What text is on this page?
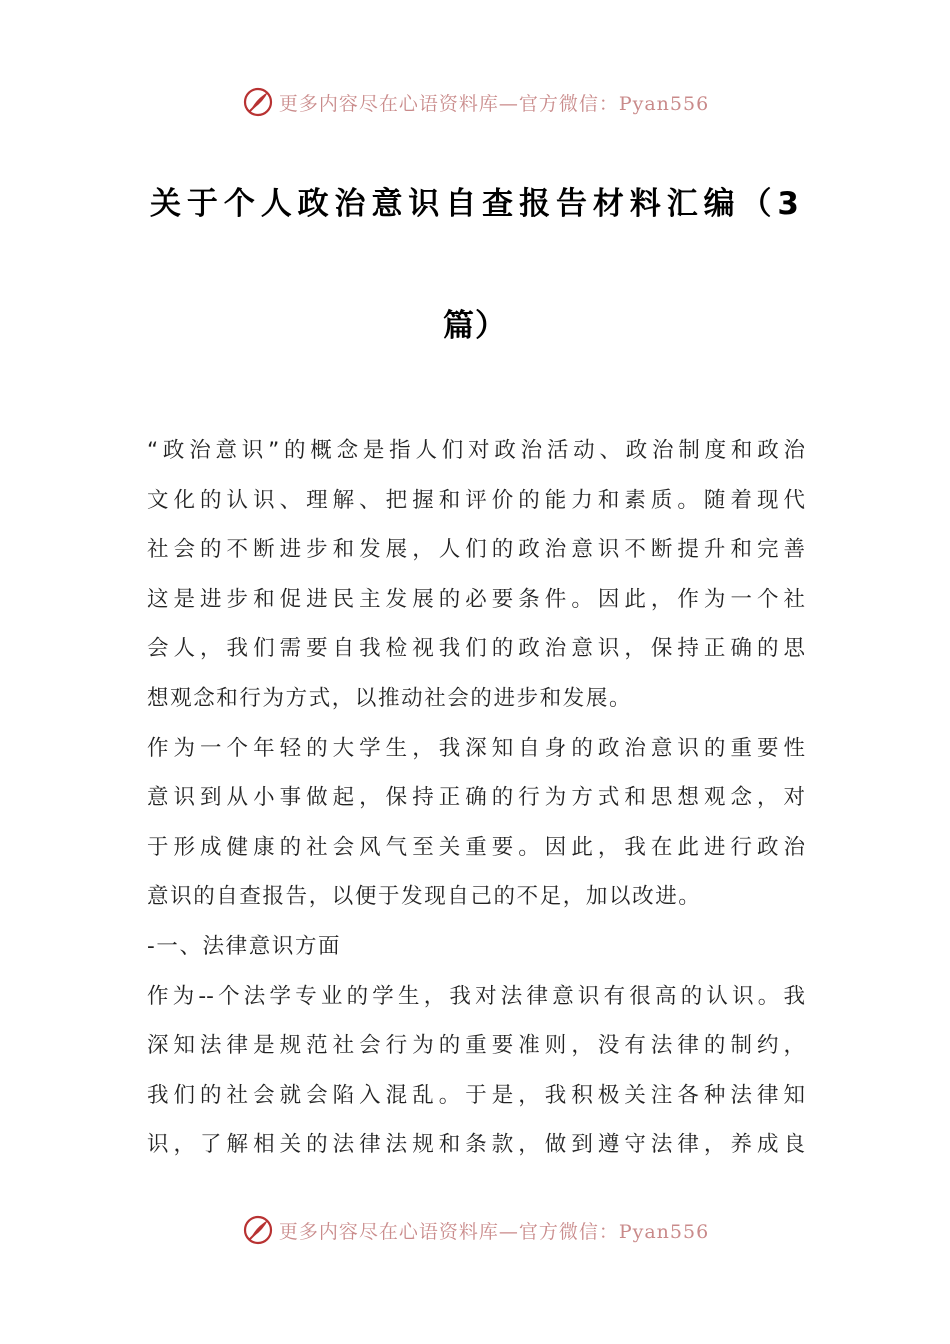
更多内容尽在心语资料库—官方微信：Pyan556
关于个人政治意识自查报告材料汇编（3
篇）
“政治意识”的概念是指人们对政治活动、政治制度和政治
文化的认识、理解、把握和评价的能力和素质。随着现代
社会的不断进步和发展，人们的政治意识不断提升和完善
这是进步和促进民主发展的必要条件。因此，作为一个社
会人，我们需要自我检视我们的政治意识，保持正确的思
想观念和行为方式，以推动社会的进步和发展。
作为一个年轻的大学生，我深知自身的政治意识的重要性
意识到从小事做起，保持正确的行为方式和思想观念，对
于形成健康的社会风气至关重要。因此，我在此进行政治
意识的自查报告，以便于发现自己的不足，加以改进。
-一、法律意识方面
作为--个法学专业的学生，我对法律意识有很高的认识。我
深知法律是规范社会行为的重要准则，没有法律的制约，
我们的社会就会陷入混乱。于是，我积极关注各种法律知
识，了解相关的法律法规和条款，做到遵守法律，养成良
更多内容尽在心语资料库—官方微信：Pyan556
